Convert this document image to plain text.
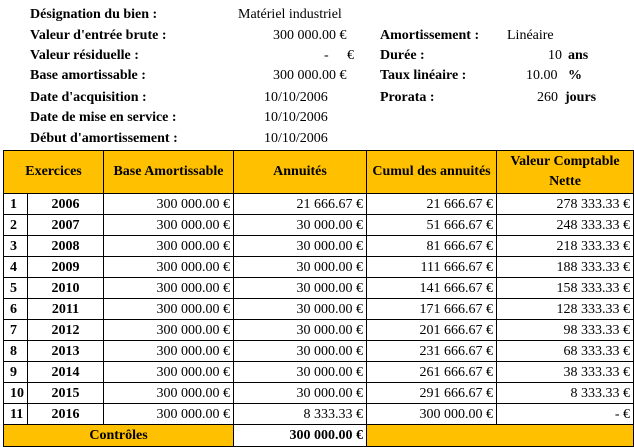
Désignation du bien :	Matériel industriel
Valeur d'entrée brute :	300 000.00 € Amortissement : Linéaire
Valeur résiduelle :	- € Durée :	10 ans
Base amortissable :	300 000.00 € Taux linéaire :	10.00 %
Date d'acquisition :	10/10/2006	Prorata :	260 jours
Date de mise en service :	10/10/2006
Début d'amortissement :	10/10/2006
Exercices		Base Amortissable	Annuités	Cumul des annuités	Valeur Comptable Nette
1	2006	300 000.00 €	21 666.67 €	21 666.67 €	278 333.33 €
2	2007	300 000.00 €	30 000.00 €	51 666.67 €	248 333.33 €
3	2008	300 000.00 €	30 000.00 €	81 666.67 €	218 333.33 €
4	2009	300 000.00 €	30 000.00 €	111 666.67 €	188 333.33 €
5	2010	300 000.00 €	30 000.00 €	141 666.67 €	158 333.33 €
6	2011	300 000.00 €	30 000.00 €	171 666.67 €	128 333.33 €
7	2012	300 000.00 €	30 000.00 €	201 666.67 €	98 333.33 €
8	2013	300 000.00 €	30 000.00 €	231 666.67 €	68 333.33 €
9	2014	300 000.00 €	30 000.00 €	261 666.67 €	38 333.33 €
10	2015	300 000.00 €	30 000.00 €	291 666.67 €	8 333.33 €
11	2016	300 000.00 €	8 333.33 €	300 000.00 €	- €
Contrôles			300 000.00 €		
